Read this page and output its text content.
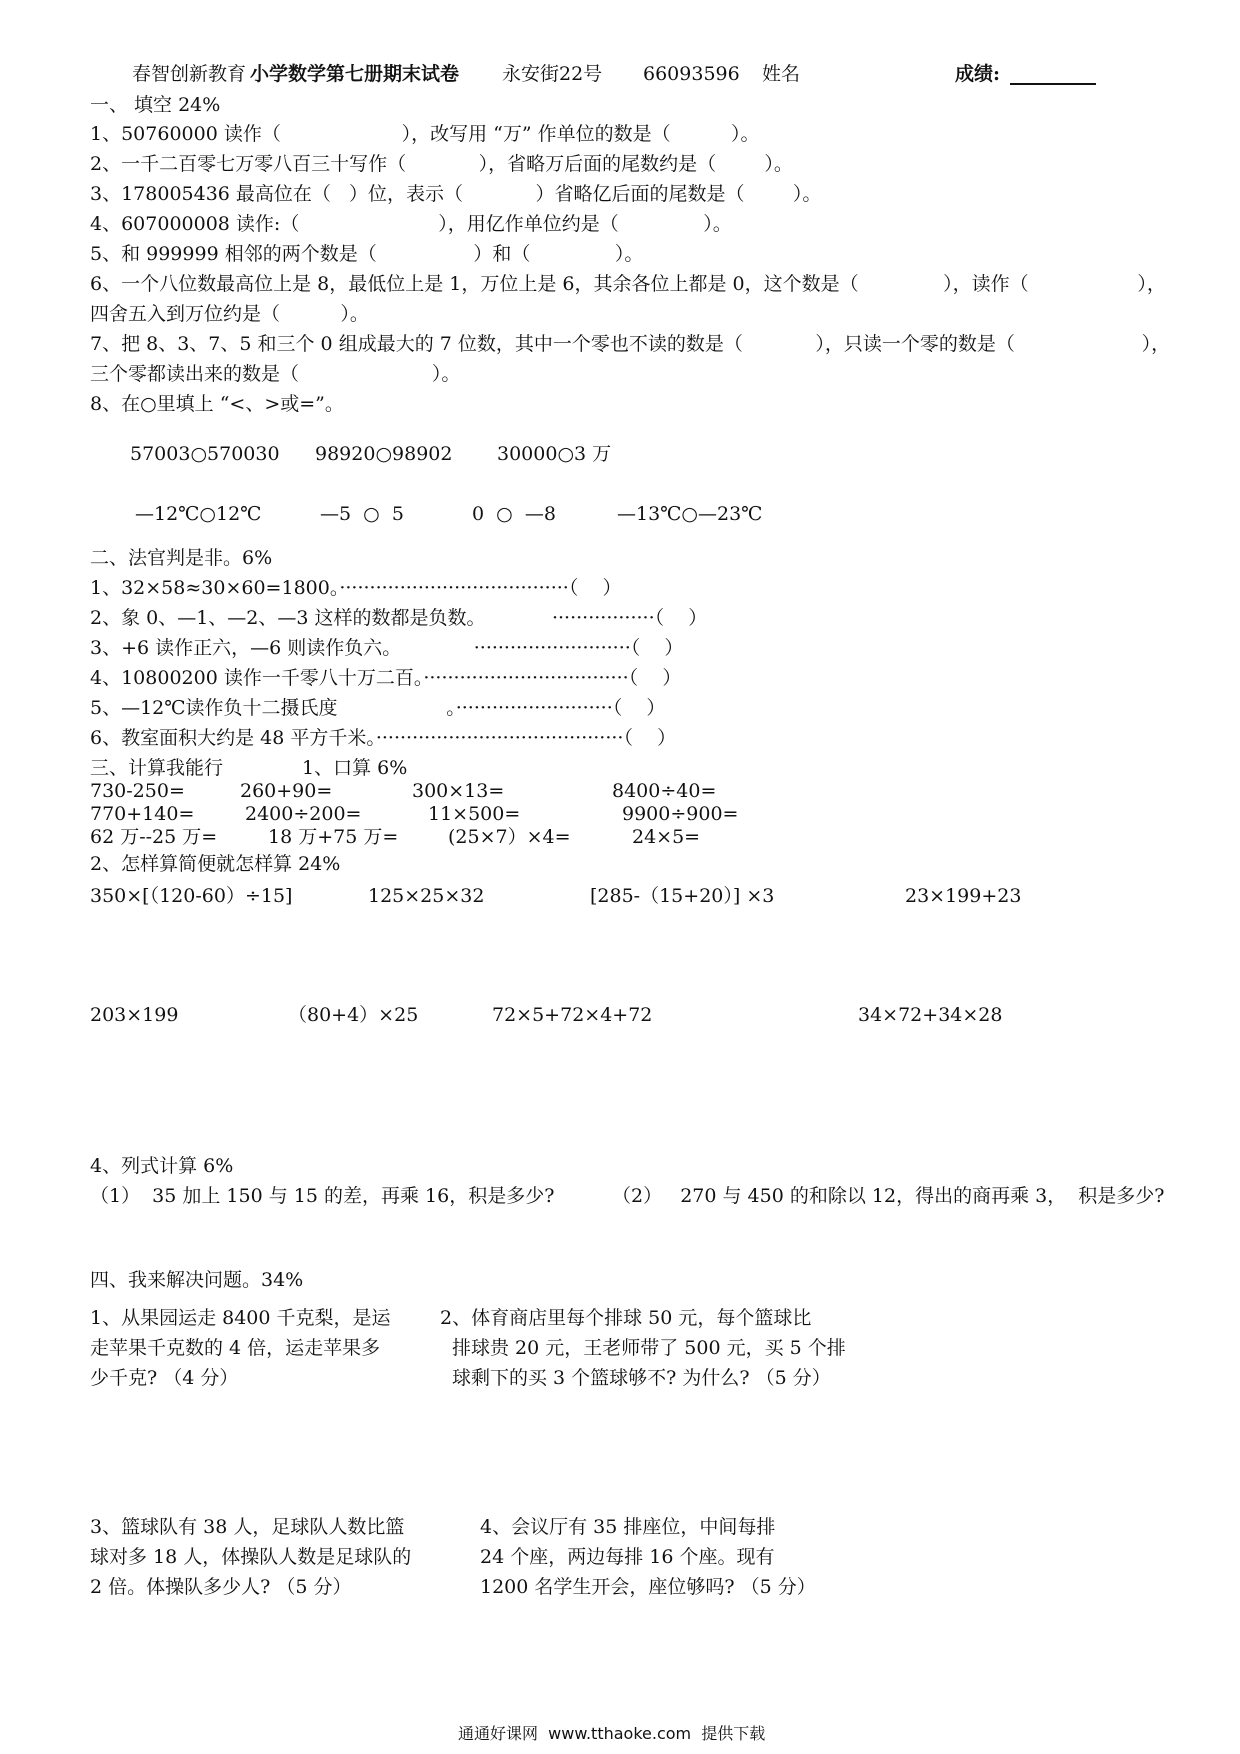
春智创新教育 小学数学第七册期末试卷 永安街22号 66093596 姓名	成绩:
一、 填空 24%
1、50760000 读作（                    ），改写用 “万” 作单位的数是（          ）。
2、一千二百零七万零八百三十写作（            ），省略万后面的尾数约是（        ）。
3、178005436 最高位在（   ）位，表示（            ）省略亿后面的尾数是（        ）。
4、607000008 读作:（                       ），用亿作单位约是（              ）。
5、和 999999 相邻的两个数是（                ）和（              ）。
6、一个八位数最高位上是 8，最低位上是 1，万位上是 6，其余各位上都是 0，这个数是（              ），读作（                  ），
四舍五入到万位约是（          ）。
7、把 8、3、7、5 和三个 0 组成最大的 7 位数，其中一个零也不读的数是（            ），只读一个零的数是（                     ），
三个零都读出来的数是（                      ）。
8、在○里填上 “<、>或=”。
57003○570030 98920○98902 30000○3 万
—12℃○12℃	—5  ○  5	0  ○  —8	—13℃○—23℃
二、法官判是非。6%
1、32×58≈30×60=1800。······································（    ）
2、象 0、—1、—2、—3 这样的数都是负数。           ·················（    ）
3、+6 读作正六，—6 则读作负六。            ··························（    ）
4、10800200 读作一千零八十万二百。··································（    ）
5、—12℃读作负十二摄氏度                  。··························（    ）
6、教室面积大约是 48 平方千米。·········································（    ）
三、计算我能行	1、口算 6%
730-250=	260+90=	300×13=	8400÷40=
770+140=	2400÷200=	11×500=	9900÷900=
62 万--25 万=	18 万+75 万=	(25×7）×4=	24×5=
2、怎样算简便就怎样算 24%
350×[（120-60）÷15]	125×25×32	[285-（15+20）] ×3	23×199+23
203×199	（80+4）×25	72×5+72×4+72	34×72+34×28
4、列式计算 6%
（1）  35 加上 150 与 15 的差，再乘 16，积是多少?	（2）   270 与 450 的和除以 12，得出的商再乘 3，  积是多少?
四、我来解决问题。34%
1、从果园运走 8400 千克梨，是运
走苹果千克数的 4 倍，运走苹果多
少千克? （4 分）
2、体育商店里每个排球 50 元，每个篮球比
排球贵 20 元，王老师带了 500 元，买 5 个排
球剩下的买 3 个篮球够不? 为什么? （5 分）
3、篮球队有 38 人，足球队人数比篮
球对多 18 人，体操队人数是足球队的
2 倍。体操队多少人? （5 分）
4、会议厅有 35 排座位，中间每排
24 个座，两边每排 16 个座。现有
1200 名学生开会，座位够吗? （5 分）
通通好课网  www.tthaoke.com  提供下载
